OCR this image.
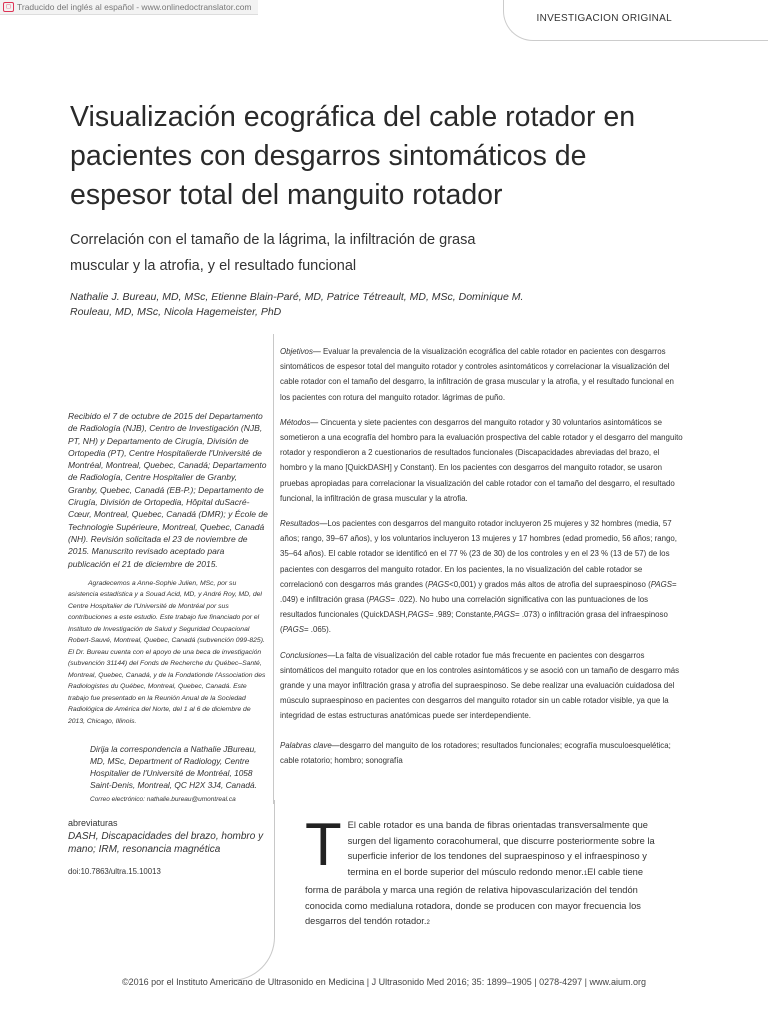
◻ Traducido del inglés al español - www.onlinedoctranslator.com
INVESTIGACION ORIGINAL
Visualización ecográfica del cable rotador en pacientes con desgarros sintomáticos de espesor total del manguito rotador
Correlación con el tamaño de la lágrima, la infiltración de grasa muscular y la atrofia, y el resultado funcional

Nathalie J. Bureau, MD, MSc, Etienne Blain-Paré, MD, Patrice Tétreault, MD, MSc, Dominique M. Rouleau, MD, MSc, Nicola Hagemeister, PhD

Recibido el 7 de octubre de 2015 del Departamento de Radiología (NJB), Centro de Investigación (NJB, PT, NH) y Departamento de Cirugía, División de Ortopedia (PT), Centre Hospitalierde l'Université de Montréal, Montreal, Quebec, Canadá; Departamento de Radiología, Centre Hospitalier de Granby, Granby, Quebec, Canadá (EB-P.); Departamento de Cirugía, División de Ortopedia, Hôpital duSacré-Cœur, Montreal, Quebec, Canadá (DMR); y École de Technologie Supérieure, Montreal, Quebec, Canadá (NH). Revisión solicitada el 23 de noviembre de 2015. Manuscrito revisado aceptado para publicación el 21 de diciembre de 2015.

Agradecemos a Anne-Sophie Julien, MSc, por su asistencia estadística y a Souad Acid, MD, y André Roy, MD, del Centre Hospitalier de l'Université de Montréal por sus contribuciones a este estudio. Este trabajo fue financiado por el Instituto de Investigación de Salud y Seguridad Ocupacional Robert-Sauvé, Montreal, Quebec, Canadá (subvención 099-825). El Dr. Bureau cuenta con el apoyo de una beca de investigación (subvención 31144) del Fonds de Recherche du Québec–Santé, Montreal, Quebec, Canadá, y de la Fondationde l'Association des Radiologistes du Québec, Montreal, Quebec, Canadá. Este trabajo fue presentado en la Reunión Anual de la Sociedad Radiológica de América del Norte, del 1 al 6 de diciembre de 2013, Chicago, Illinois.

Dirija la correspondencia a Nathalie JBureau, MD, MSc, Department of Radiology, Centre Hospitalier de l'Université de Montréal, 1058 Saint-Denis, Montreal, QC H2X 3J4, Canadá.

Correo electrónico: nathalie.bureau@umontreal.ca

abreviaturas

DASH, Discapacidades del brazo, hombro y mano; IRM, resonancia magnética

doi:10.7863/ultra.15.10013

Objetivos— Evaluar la prevalencia de la visualización ecográfica del cable rotador en pacientes con desgarros sintomáticos de espesor total del manguito rotador y controles asintomáticos y correlacionar la visualización del cable rotador con el tamaño del desgarro, la infiltración de grasa muscular y la atrofia, y el resultado funcional en los pacientes con rotura del manguito rotador. lágrimas de puño.

Métodos— Cincuenta y siete pacientes con desgarros del manguito rotador y 30 voluntarios asintomáticos se sometieron a una ecografía del hombro para la evaluación prospectiva del cable rotador y el desgarro del manguito rotador y respondieron a 2 cuestionarios de resultados funcionales (Discapacidades abreviadas del brazo, el hombro y la mano [QuickDASH] y Constant). En los pacientes con desgarros del manguito rotador, se usaron pruebas apropiadas para correlacionar la visualización del cable rotador con el tamaño del desgarro, el resultado funcional, la infiltración de grasa muscular y la atrofia.

Resultados—Los pacientes con desgarros del manguito rotador incluyeron 25 mujeres y 32 hombres (media, 57 años; rango, 39–67 años), y los voluntarios incluyeron 13 mujeres y 17 hombres (edad promedio, 56 años; rango, 35–64 años). El cable rotador se identificó en el 77 % (23 de 30) de los controles y en el 23 % (13 de 57) de los pacientes con desgarros del manguito rotador. En los pacientes, la no visualización del cable rotador se correlacionó con desgarros más grandes (PAGS<0,001) y grados más altos de atrofia del supraespinoso (PAGS= .049) e infiltración grasa (PAGS= .022). No hubo una correlación significativa con las puntuaciones de los resultados funcionales (QuickDASH,PAGS= .989; Constante,PAGS= .073) o infiltración grasa del infraespinoso (PAGS= .065).

Conclusiones—La falta de visualización del cable rotador fue más frecuente en pacientes con desgarros sintomáticos del manguito rotador que en los controles asintomáticos y se asoció con un tamaño de desgarro más grande y una mayor infiltración grasa y atrofia del supraespinoso. Se debe realizar una evaluación cuidadosa del músculo supraespinoso en pacientes con desgarros del manguito rotador sin un cable rotador visible, ya que la integridad de estas estructuras anatómicas puede ser interdependiente.

Palabras clave—desgarro del manguito de los rotadores; resultados funcionales; ecografía musculoesquelética; cable rotatorio; hombro; sonografía

T El cable rotador es una banda de fibras orientadas transversalmente que surgen del ligamento coracohumeral, que discurre posteriormente sobre la superficie inferior de los tendones del supraespinoso y el infraespinoso y termina en el borde superior del músculo redondo menor.1El cable tiene forma de parábola y marca una región de relativa hipovascularización del tendón conocida como medialuna rotadora, donde se producen con mayor frecuencia los desgarros del tendón rotador.2

©2016 por el Instituto Americano de Ultrasonido en Medicina | J Ultrasonido Med 2016; 35: 1899–1905 | 0278-4297 | www.aium.org
